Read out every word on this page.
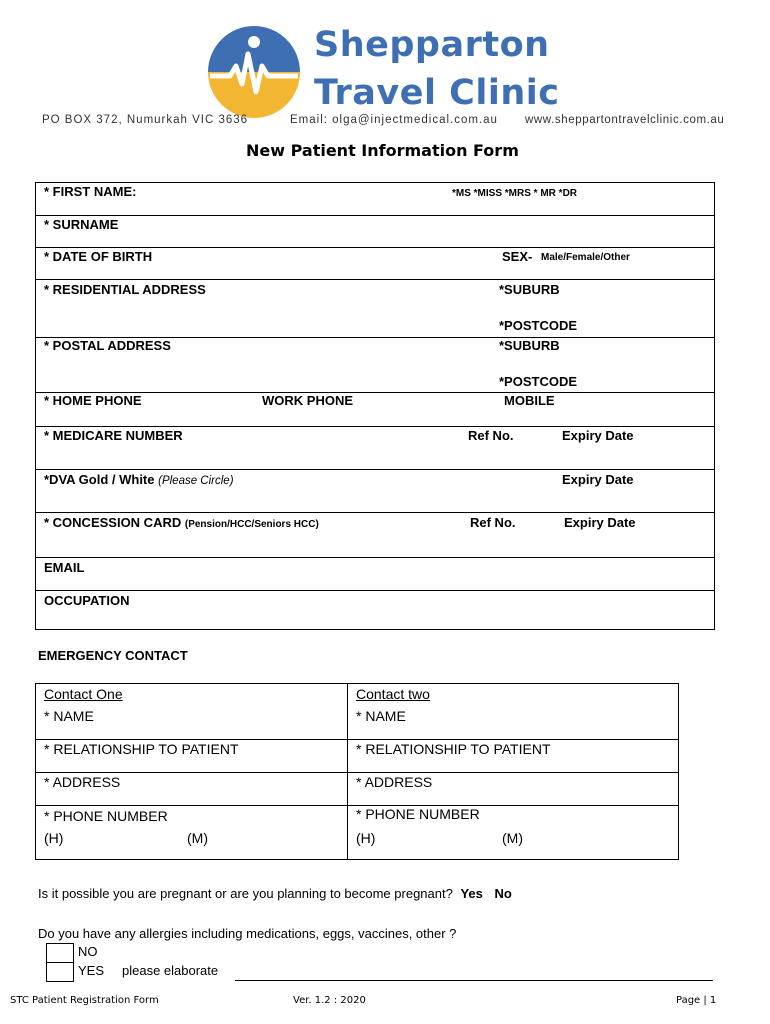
Shepparton
Travel Clinic
PO BOX 372, Numurkah VIC 3636	Email: olga@injectmedical.com.au www.sheppartontravelclinic.com.au
New Patient Information Form
* FIRST NAME:	*MS *MISS *MRS * MR *DR
* SURNAME
* DATE OF BIRTH	SEX- Male/Female/Other
* RESIDENTIAL ADDRESS	*SUBURB
*POSTCODE
* POSTAL ADDRESS	*SUBURB
*POSTCODE
* HOME PHONE	WORK PHONE	MOBILE
* MEDICARE NUMBER	Ref No.	Expiry Date
*DVA Gold / White (Please Circle)	Expiry Date
* CONCESSION CARD (Pension/HCC/Seniors HCC)	Ref No.	Expiry Date
EMAIL
OCCUPATION
EMERGENCY CONTACT
Contact One	Contact two
* NAME	* NAME
* RELATIONSHIP TO PATIENT	* RELATIONSHIP TO PATIENT
* ADDRESS	* ADDRESS
* PHONE NUMBER	* PHONE NUMBER
(H)	(M)	(H)	(M)
Is it possible you are pregnant or are you planning to become pregnant? Yes No
Do you have any allergies including medications, eggs, vaccines, other ?
NO
YES please elaborate
STC Patient Registration Form	Ver. 1.2 : 2020	Page | 1
